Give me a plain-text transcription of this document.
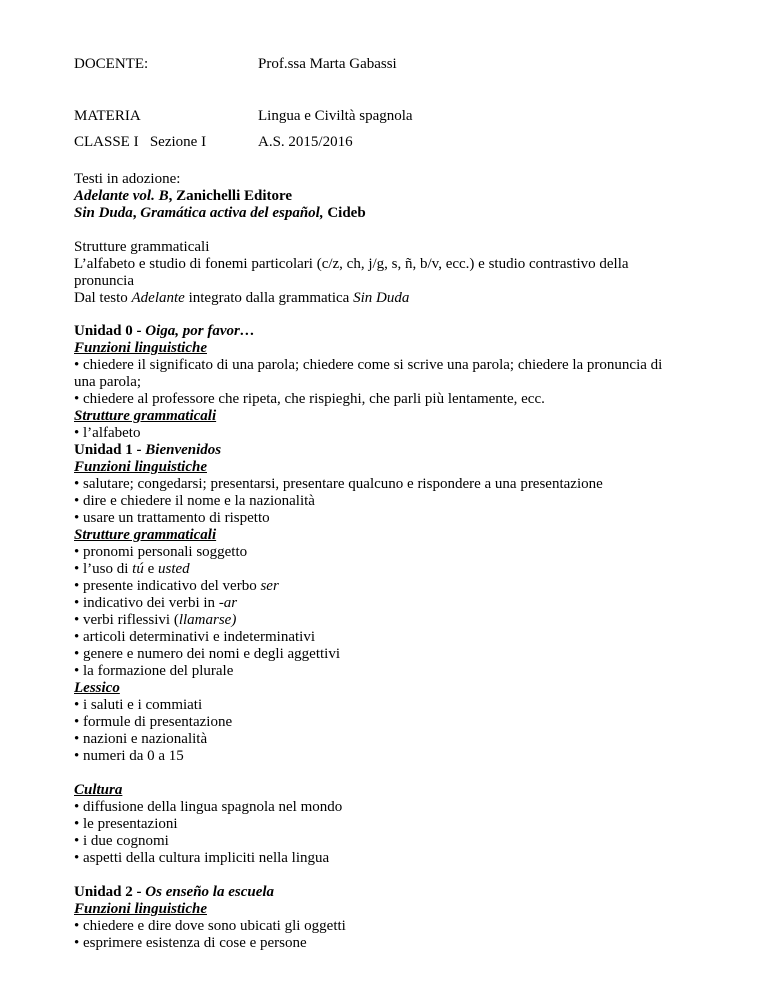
DOCENTE:	Prof.ssa Marta Gabassi
MATERIA	Lingua e Civiltà spagnola
CLASSE I   Sezione I	A.S. 2015/2016
Testi in adozione:
Adelante vol. B, Zanichelli Editore
Sin Duda, Gramática activa del español, Cideb
Strutture grammaticali
L’alfabeto e studio di fonemi particolari (c/z, ch, j/g, s, ñ, b/v, ecc.) e studio contrastivo della
pronuncia
Dal testo Adelante integrato dalla grammatica Sin Duda
Unidad 0 - Oiga, por favor…
Funzioni linguistiche
• chiedere il significato di una parola; chiedere come si scrive una parola; chiedere la pronuncia di
una parola;
• chiedere al professore che ripeta, che rispieghi, che parli più lentamente, ecc.
Strutture grammaticali
• l’alfabeto
Unidad 1 - Bienvenidos
Funzioni linguistiche
• salutare; congedarsi; presentarsi, presentare qualcuno e rispondere a una presentazione
• dire e chiedere il nome e la nazionalità
• usare un trattamento di rispetto
Strutture grammaticali
• pronomi personali soggetto
• l’uso di tú e usted
• presente indicativo del verbo ser
• indicativo dei verbi in -ar
• verbi riflessivi (llamarse)
• articoli determinativi e indeterminativi
• genere e numero dei nomi e degli aggettivi
• la formazione del plurale
Lessico
• i saluti e i commiati
• formule di presentazione
• nazioni e nazionalità
• numeri da 0 a 15
Cultura
• diffusione della lingua spagnola nel mondo
• le presentazioni
• i due cognomi
• aspetti della cultura impliciti nella lingua
Unidad 2 - Os enseño la escuela
Funzioni linguistiche
• chiedere e dire dove sono ubicati gli oggetti
• esprimere esistenza di cose e persone
